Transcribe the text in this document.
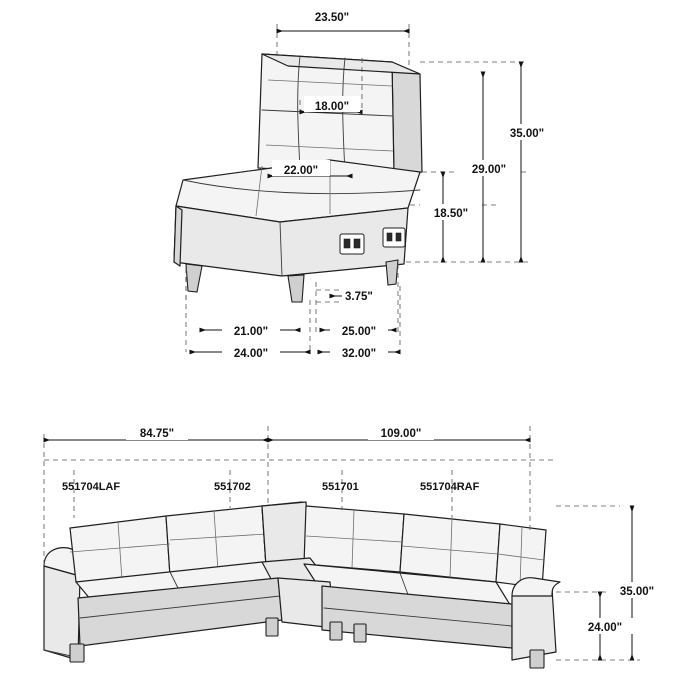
23.50"
18.00"
22.00"
35.00"
29.00"
18.50"
3.75"
21.00"	25.00"
24.00"	32.00"
84.75"	109.00"
35.00"
24.00"
551704LAF	551702	551701	551704RAF
